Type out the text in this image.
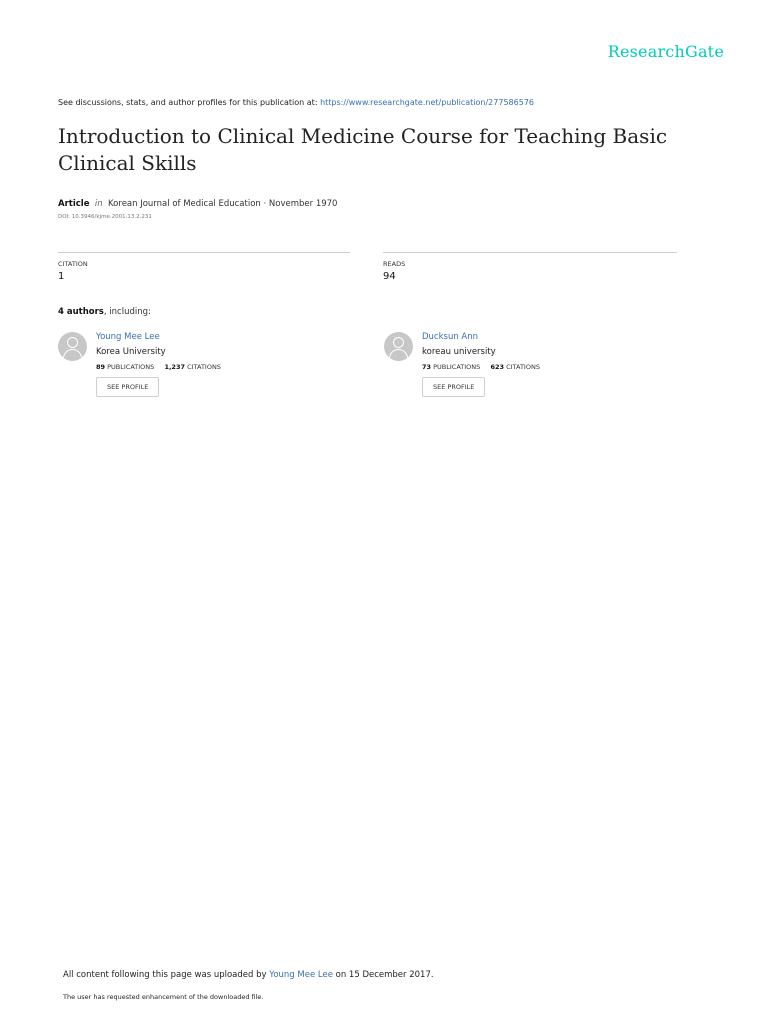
ResearchGate
See discussions, stats, and author profiles for this publication at: https://www.researchgate.net/publication/277586576
Introduction to Clinical Medicine Course for Teaching Basic Clinical Skills
Article in Korean Journal of Medical Education · November 1970
DOI: 10.3946/kjme.2001.13.2.231
CITATION
1
READS
94
4 authors, including:
Young Mee Lee
Korea University
89 PUBLICATIONS 1,237 CITATIONS
SEE PROFILE
Ducksun Ann
koreau university
73 PUBLICATIONS 623 CITATIONS
SEE PROFILE
All content following this page was uploaded by Young Mee Lee on 15 December 2017.
The user has requested enhancement of the downloaded file.
